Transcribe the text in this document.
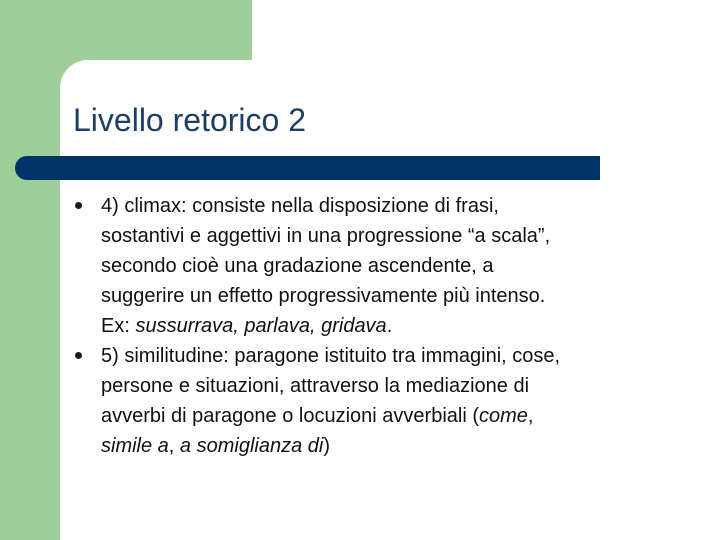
Livello retorico 2
4) climax: consiste nella disposizione di frasi,
sostantivi e aggettivi in una progressione “a scala”,
secondo cioè una gradazione ascendente, a
suggerire un effetto progressivamente più intenso.
Ex: sussurrava, parlava, gridava.
5) similitudine: paragone istituito tra immagini, cose,
persone e situazioni, attraverso la mediazione di
avverbi di paragone o locuzioni avverbiali (come,
simile a, a somiglianza di)
